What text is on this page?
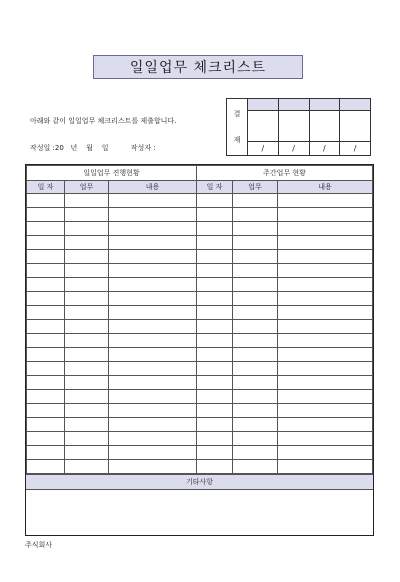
일일업무 체크리스트
아래와 같이 일일업무 체크리스트를 제출합니다.
작성일 :20   년    월    일          작성자 :
결
재
/	/	/	/
일일업무 진행현황			주간업무 현황		
일 자	업무	내용	일 자	업무	내용

기타사항
주식회사
